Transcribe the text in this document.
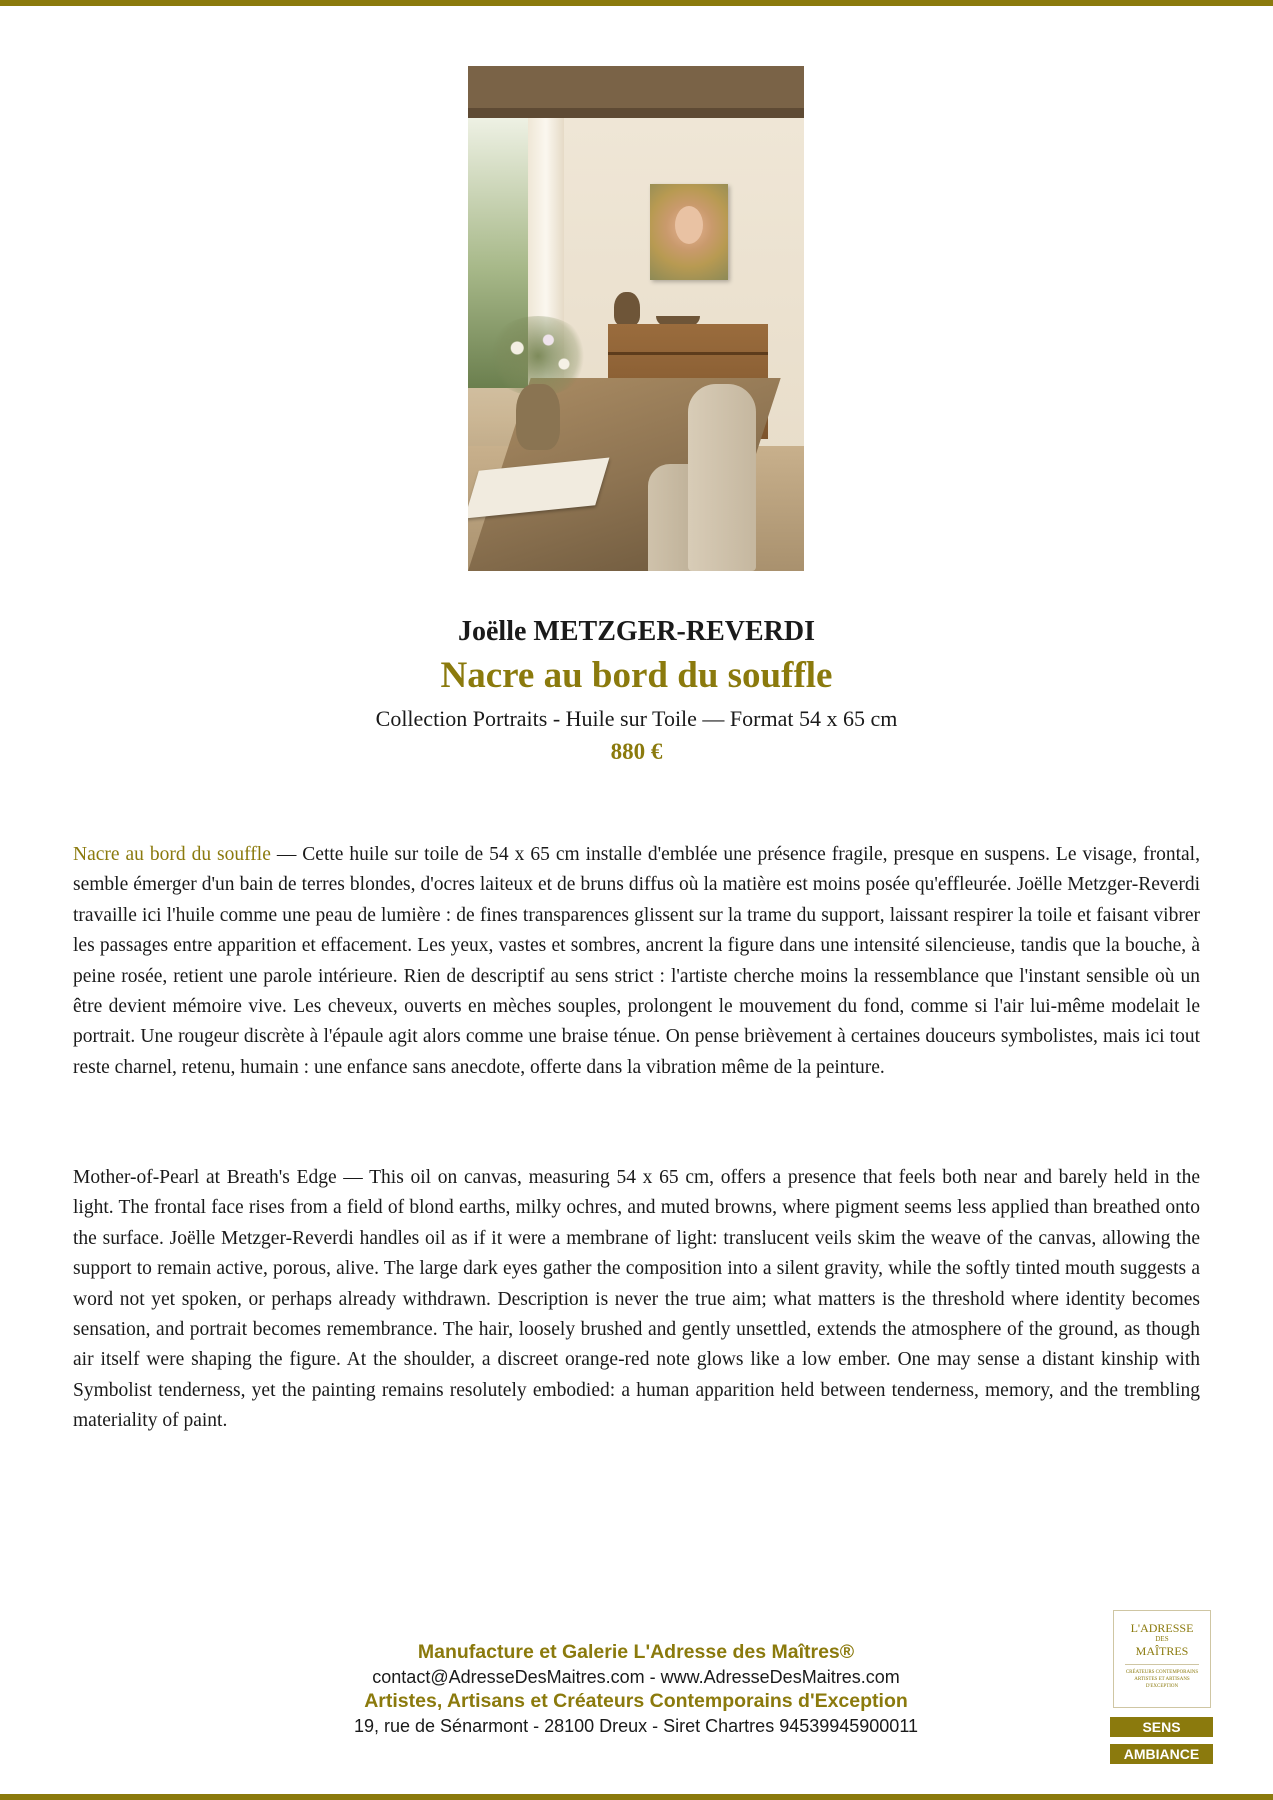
Joëlle METZGER-REVERDI

Nacre au bord du souffle

Collection Portraits - Huile sur Toile — Format 54 x 65 cm

880 €

Nacre au bord du souffle — Cette huile sur toile de 54 x 65 cm installe d'emblée une présence fragile, presque en suspens. Le visage, frontal, semble émerger d'un bain de terres blondes, d'ocres laiteux et de bruns diffus où la matière est moins posée qu'effleurée. Joëlle Metzger-Reverdi travaille ici l'huile comme une peau de lumière : de fines transparences glissent sur la trame du support, laissant respirer la toile et faisant vibrer les passages entre apparition et effacement. Les yeux, vastes et sombres, ancrent la figure dans une intensité silencieuse, tandis que la bouche, à peine rosée, retient une parole intérieure. Rien de descriptif au sens strict : l'artiste cherche moins la ressemblance que l'instant sensible où un être devient mémoire vive. Les cheveux, ouverts en mèches souples, prolongent le mouvement du fond, comme si l'air lui-même modelait le portrait. Une rougeur discrète à l'épaule agit alors comme une braise ténue. On pense brièvement à certaines douceurs symbolistes, mais ici tout reste charnel, retenu, humain : une enfance sans anecdote, offerte dans la vibration même de la peinture.

Mother-of-Pearl at Breath's Edge — This oil on canvas, measuring 54 x 65 cm, offers a presence that feels both near and barely held in the light. The frontal face rises from a field of blond earths, milky ochres, and muted browns, where pigment seems less applied than breathed onto the surface. Joëlle Metzger-Reverdi handles oil as if it were a membrane of light: translucent veils skim the weave of the canvas, allowing the support to remain active, porous, alive. The large dark eyes gather the composition into a silent gravity, while the softly tinted mouth suggests a word not yet spoken, or perhaps already withdrawn. Description is never the true aim; what matters is the threshold where identity becomes sensation, and portrait becomes remembrance. The hair, loosely brushed and gently unsettled, extends the atmosphere of the ground, as though air itself were shaping the figure. At the shoulder, a discreet orange-red note glows like a low ember. One may sense a distant kinship with Symbolist tenderness, yet the painting remains resolutely embodied: a human apparition held between tenderness, memory, and the trembling materiality of paint.

Manufacture et Galerie L'Adresse des Maîtres®

contact@AdresseDesMaitres.com - www.AdresseDesMaitres.com

Artistes, Artisans et Créateurs Contemporains d'Exception

19, rue de Sénarmont - 28100 Dreux - Siret Chartres 94539945900011

L'ADRESSE
DES
MAÎTRES
CRÉATEURS CONTEMPORAINS ARTISTES ET ARTISANS D'EXCEPTION
SENS
AMBIANCE
